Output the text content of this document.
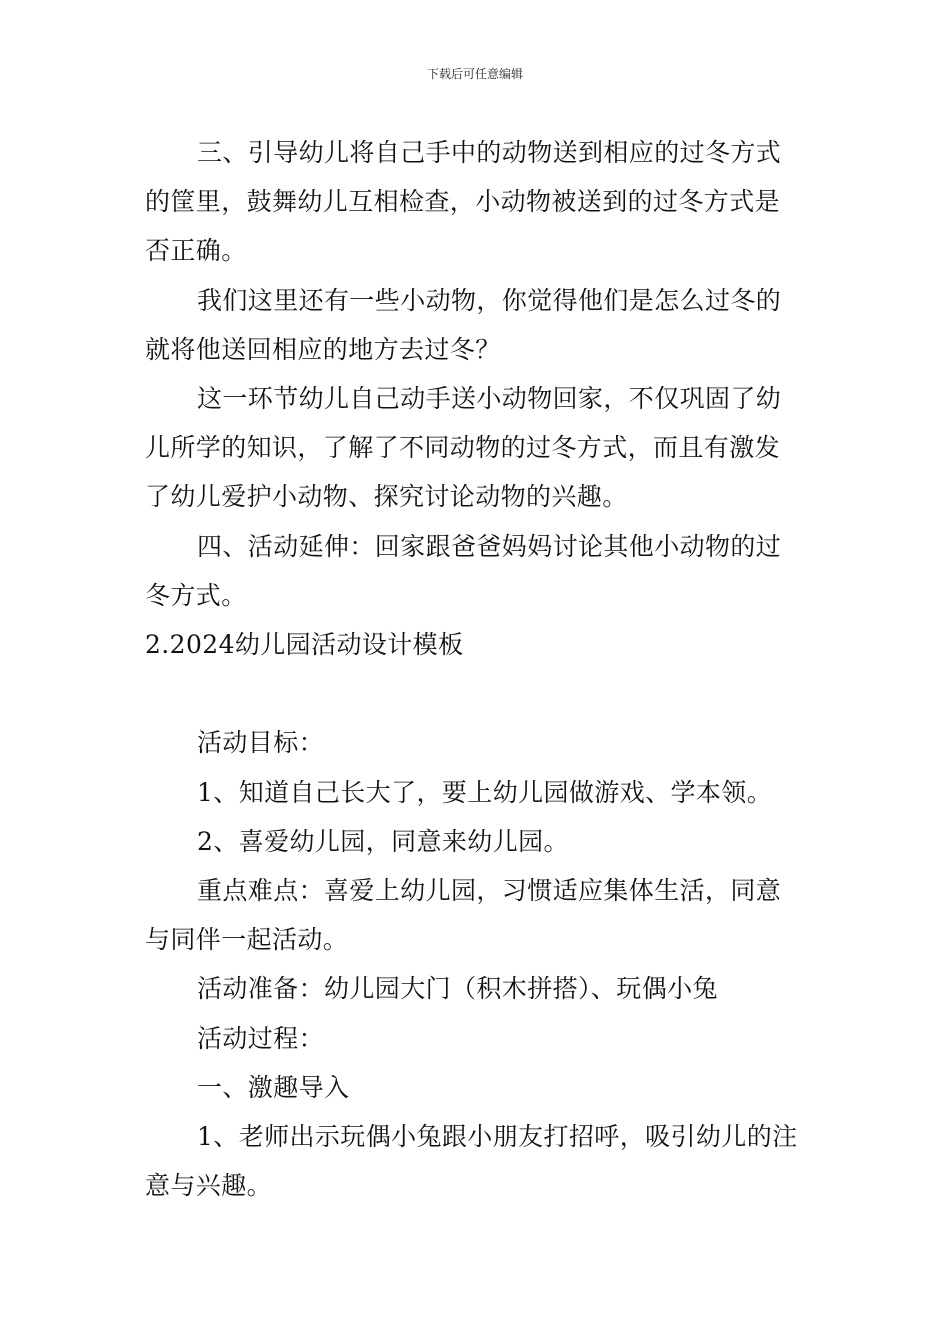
下载后可任意编辑

三、引导幼儿将自己手中的动物送到相应的过冬方式

的筐里，鼓舞幼儿互相检查，小动物被送到的过冬方式是

否正确。

我们这里还有一些小动物，你觉得他们是怎么过冬的

就将他送回相应的地方去过冬？

这一环节幼儿自己动手送小动物回家，不仅巩固了幼

儿所学的知识，了解了不同动物的过冬方式，而且有激发

了幼儿爱护小动物、探究讨论动物的兴趣。

四、活动延伸：回家跟爸爸妈妈讨论其他小动物的过

冬方式。

2.2024幼儿园活动设计模板

活动目标：

1、知道自己长大了，要上幼儿园做游戏、学本领。

2、喜爱幼儿园，同意来幼儿园。

重点难点：喜爱上幼儿园，习惯适应集体生活，同意

与同伴一起活动。

活动准备：幼儿园大门（积木拼搭）、玩偶小兔

活动过程：

一、激趣导入

1、老师出示玩偶小兔跟小朋友打招呼，吸引幼儿的注

意与兴趣。
